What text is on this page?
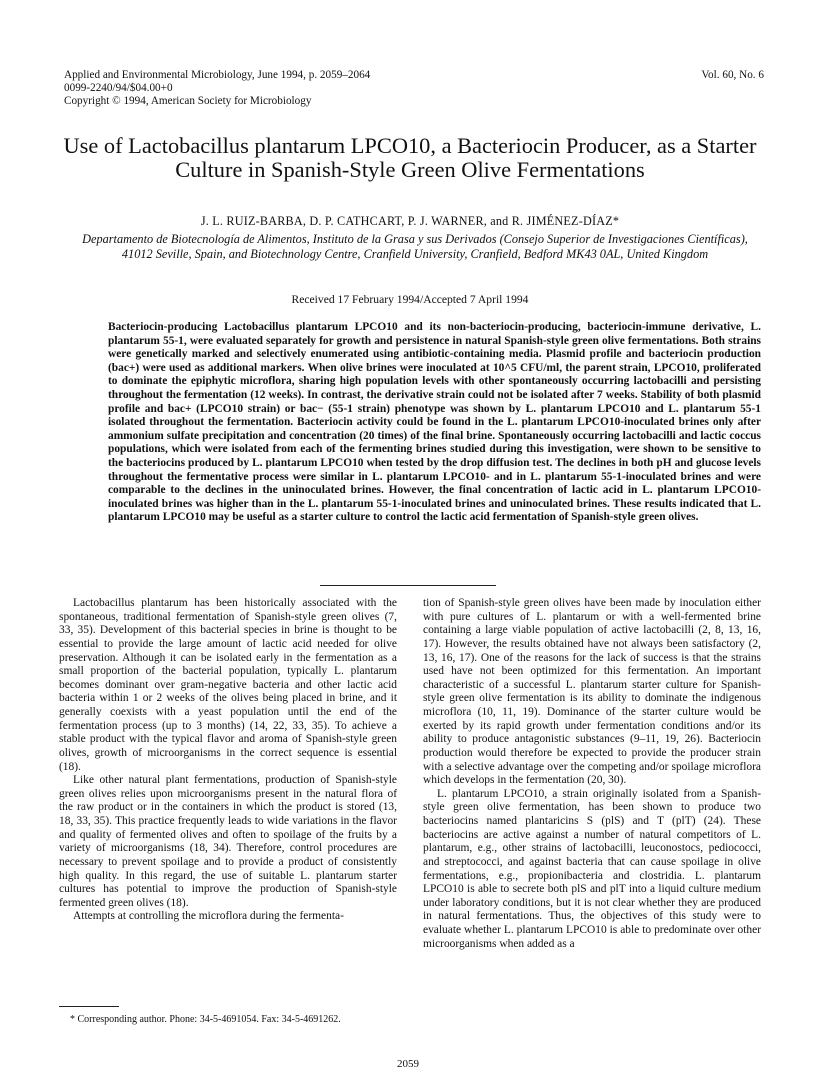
Applied and Environmental Microbiology, June 1994, p. 2059–2064
0099-2240/94/$04.00+0
Copyright © 1994, American Society for Microbiology
Vol. 60, No. 6
Use of Lactobacillus plantarum LPCO10, a Bacteriocin Producer, as a Starter Culture in Spanish-Style Green Olive Fermentations
J. L. RUIZ-BARBA, D. P. CATHCART, P. J. WARNER, and R. JIMÉNEZ-DÍAZ*
Departamento de Biotecnología de Alimentos, Instituto de la Grasa y sus Derivados (Consejo Superior de Investigaciones Científicas), 41012 Seville, Spain, and Biotechnology Centre, Cranfield University, Cranfield, Bedford MK43 0AL, United Kingdom
Received 17 February 1994/Accepted 7 April 1994
Bacteriocin-producing Lactobacillus plantarum LPCO10 and its non-bacteriocin-producing, bacteriocin-immune derivative, L. plantarum 55-1, were evaluated separately for growth and persistence in natural Spanish-style green olive fermentations. Both strains were genetically marked and selectively enumerated using antibiotic-containing media. Plasmid profile and bacteriocin production (bac+) were used as additional markers. When olive brines were inoculated at 10^5 CFU/ml, the parent strain, LPCO10, proliferated to dominate the epiphytic microflora, sharing high population levels with other spontaneously occurring lactobacilli and persisting throughout the fermentation (12 weeks). In contrast, the derivative strain could not be isolated after 7 weeks. Stability of both plasmid profile and bac+ (LPCO10 strain) or bac− (55-1 strain) phenotype was shown by L. plantarum LPCO10 and L. plantarum 55-1 isolated throughout the fermentation. Bacteriocin activity could be found in the L. plantarum LPCO10-inoculated brines only after ammonium sulfate precipitation and concentration (20 times) of the final brine. Spontaneously occurring lactobacilli and lactic coccus populations, which were isolated from each of the fermenting brines studied during this investigation, were shown to be sensitive to the bacteriocins produced by L. plantarum LPCO10 when tested by the drop diffusion test. The declines in both pH and glucose levels throughout the fermentative process were similar in L. plantarum LPCO10- and in L. plantarum 55-1-inoculated brines and were comparable to the declines in the uninoculated brines. However, the final concentration of lactic acid in L. plantarum LPCO10-inoculated brines was higher than in the L. plantarum 55-1-inoculated brines and uninoculated brines. These results indicated that L. plantarum LPCO10 may be useful as a starter culture to control the lactic acid fermentation of Spanish-style green olives.

Lactobacillus plantarum has been historically associated with the spontaneous, traditional fermentation of Spanish-style green olives (7, 33, 35). Development of this bacterial species in brine is thought to be essential to provide the large amount of lactic acid needed for olive preservation. Although it can be isolated early in the fermentation as a small proportion of the bacterial population, typically L. plantarum becomes dominant over gram-negative bacteria and other lactic acid bacteria within 1 or 2 weeks of the olives being placed in brine, and it generally coexists with a yeast population until the end of the fermentation process (up to 3 months) (14, 22, 33, 35). To achieve a stable product with the typical flavor and aroma of Spanish-style green olives, growth of microorganisms in the correct sequence is essential (18).

Like other natural plant fermentations, production of Spanish-style green olives relies upon microorganisms present in the natural flora of the raw product or in the containers in which the product is stored (13, 18, 33, 35). This practice frequently leads to wide variations in the flavor and quality of fermented olives and often to spoilage of the fruits by a variety of microorganisms (18, 34). Therefore, control procedures are necessary to prevent spoilage and to provide a product of consistently high quality. In this regard, the use of suitable L. plantarum starter cultures has potential to improve the production of Spanish-style fermented green olives (18).

Attempts at controlling the microflora during the fermenta-

tion of Spanish-style green olives have been made by inoculation either with pure cultures of L. plantarum or with a well-fermented brine containing a large viable population of active lactobacilli (2, 8, 13, 16, 17). However, the results obtained have not always been satisfactory (2, 13, 16, 17). One of the reasons for the lack of success is that the strains used have not been optimized for this fermentation. An important characteristic of a successful L. plantarum starter culture for Spanish-style green olive fermentation is its ability to dominate the indigenous microflora (10, 11, 19). Dominance of the starter culture would be exerted by its rapid growth under fermentation conditions and/or its ability to produce antagonistic substances (9–11, 19, 26). Bacteriocin production would therefore be expected to provide the producer strain with a selective advantage over the competing and/or spoilage microflora which develops in the fermentation (20, 30).

L. plantarum LPCO10, a strain originally isolated from a Spanish-style green olive fermentation, has been shown to produce two bacteriocins named plantaricins S (plS) and T (plT) (24). These bacteriocins are active against a number of natural competitors of L. plantarum, e.g., other strains of lactobacilli, leuconostocs, pediococci, and streptococci, and against bacteria that can cause spoilage in olive fermentations, e.g., propionibacteria and clostridia. L. plantarum LPCO10 is able to secrete both plS and plT into a liquid culture medium under laboratory conditions, but it is not clear whether they are produced in natural fermentations. Thus, the objectives of this study were to evaluate whether L. plantarum LPCO10 is able to predominate over other microorganisms when added as a

* Corresponding author. Phone: 34-5-4691054. Fax: 34-5-4691262.
2059
